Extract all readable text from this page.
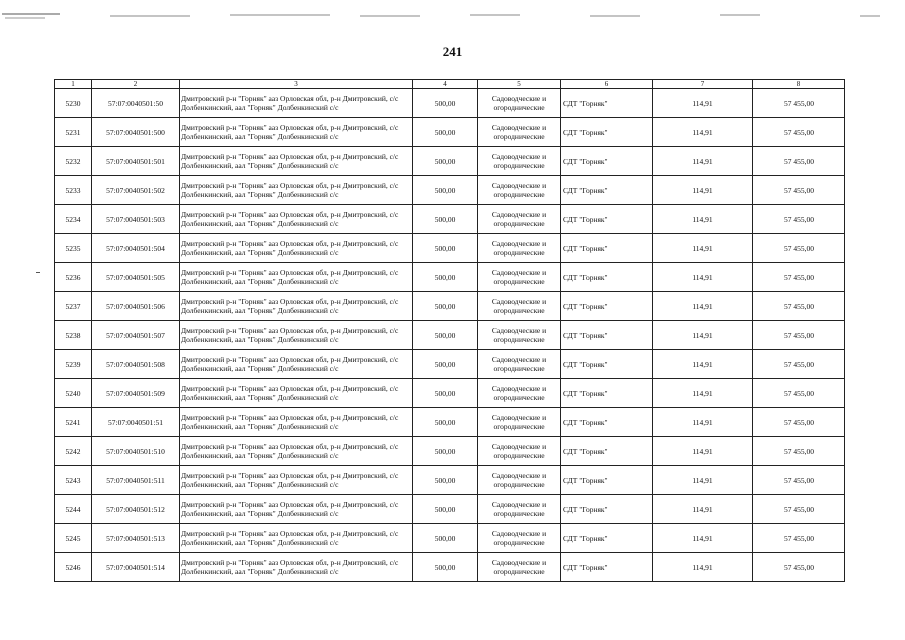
241
1	2	3	4	5	6	7	8
5230	57:07:0040501:50	Дмитровский р-н "Горняк" ааз Орловская обл, р-н Дмитровский, с/с Долбенкинский, аал "Горняк" Долбенкинский с/с	500,00	Садоводческие и огороднические	СДТ "Горняк"	114,91	57 455,00
5231	57:07:0040501:500	Дмитровский р-н "Горняк" ааз Орловская обл, р-н Дмитровский, с/с Долбенкинский, аал "Горняк" Долбенкинский с/с	500,00	Садоводческие и огороднические	СДТ "Горняк"	114,91	57 455,00
5232	57:07:0040501:501	Дмитровский р-н "Горняк" ааз Орловская обл, р-н Дмитровский, с/с Долбенкинский, аал "Горняк" Долбенкинский с/с	500,00	Садоводческие и огороднические	СДТ "Горняк"	114,91	57 455,00
5233	57:07:0040501:502	Дмитровский р-н "Горняк" ааз Орловская обл, р-н Дмитровский, с/с Долбенкинский, аал "Горняк" Долбенкинский с/с	500,00	Садоводческие и огороднические	СДТ "Горняк"	114,91	57 455,00
5234	57:07:0040501:503	Дмитровский р-н "Горняк" ааз Орловская обл, р-н Дмитровский, с/с Долбенкинский, аал "Горняк" Долбенкинский с/с	500,00	Садоводческие и огороднические	СДТ "Горняк"	114,91	57 455,00
5235	57:07:0040501:504	Дмитровский р-н "Горняк" ааз Орловская обл, р-н Дмитровский, с/с Долбенкинский, аал "Горняк" Долбенкинский с/с	500,00	Садоводческие и огороднические	СДТ "Горняк"	114,91	57 455,00
5236	57:07:0040501:505	Дмитровский р-н "Горняк" ааз Орловская обл, р-н Дмитровский, с/с Долбенкинский, аал "Горняк" Долбенкинский с/с	500,00	Садоводческие и огороднические	СДТ "Горняк"	114,91	57 455,00
5237	57:07:0040501:506	Дмитровский р-н "Горняк" ааз Орловская обл, р-н Дмитровский, с/с Долбенкинский, аал "Горняк" Долбенкинский с/с	500,00	Садоводческие и огороднические	СДТ "Горняк"	114,91	57 455,00
5238	57:07:0040501:507	Дмитровский р-н "Горняк" ааз Орловская обл, р-н Дмитровский, с/с Долбенкинский, аал "Горняк" Долбенкинский с/с	500,00	Садоводческие и огороднические	СДТ "Горняк"	114,91	57 455,00
5239	57:07:0040501:508	Дмитровский р-н "Горняк" ааз Орловская обл, р-н Дмитровский, с/с Долбенкинский, аал "Горняк" Долбенкинский с/с	500,00	Садоводческие и огороднические	СДТ "Горняк"	114,91	57 455,00
5240	57:07:0040501:509	Дмитровский р-н "Горняк" ааз Орловская обл, р-н Дмитровский, с/с Долбенкинский, аал "Горняк" Долбенкинский с/с	500,00	Садоводческие и огороднические	СДТ "Горняк"	114,91	57 455,00
5241	57:07:0040501:51	Дмитровский р-н "Горняк" ааз Орловская обл, р-н Дмитровский, с/с Долбенкинский, аал "Горняк" Долбенкинский с/с	500,00	Садоводческие и огороднические	СДТ "Горняк"	114,91	57 455,00
5242	57:07:0040501:510	Дмитровский р-н "Горняк" ааз Орловская обл, р-н Дмитровский, с/с Долбенкинский, аал "Горняк" Долбенкинский с/с	500,00	Садоводческие и огороднические	СДТ "Горняк"	114,91	57 455,00
5243	57:07:0040501:511	Дмитровский р-н "Горняк" ааз Орловская обл, р-н Дмитровский, с/с Долбенкинский, аал "Горняк" Долбенкинский с/с	500,00	Садоводческие и огороднические	СДТ "Горняк"	114,91	57 455,00
5244	57:07:0040501:512	Дмитровский р-н "Горняк" ааз Орловская обл, р-н Дмитровский, с/с Долбенкинский, аал "Горняк" Долбенкинский с/с	500,00	Садоводческие и огороднические	СДТ "Горняк"	114,91	57 455,00
5245	57:07:0040501:513	Дмитровский р-н "Горняк" ааз Орловская обл, р-н Дмитровский, с/с Долбенкинский, аал "Горняк" Долбенкинский с/с	500,00	Садоводческие и огороднические	СДТ "Горняк"	114,91	57 455,00
5246	57:07:0040501:514	Дмитровский р-н "Горняк" ааз Орловская обл, р-н Дмитровский, с/с Долбенкинский, аал "Горняк" Долбенкинский с/с	500,00	Садоводческие и огороднические	СДТ "Горняк"	114,91	57 455,00
